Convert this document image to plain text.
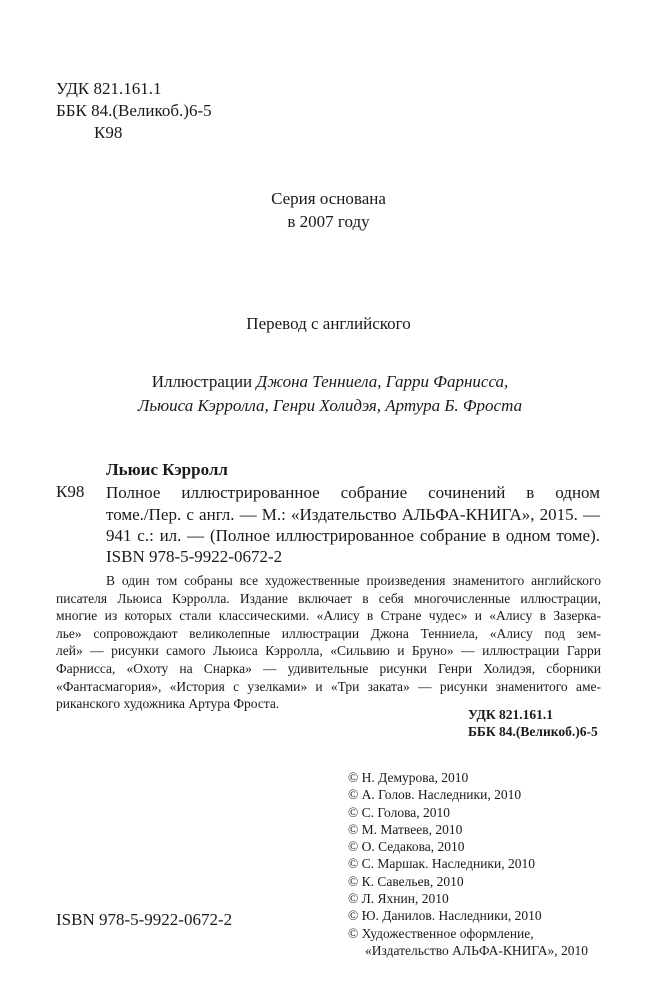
УДК 821.161.1
ББК 84.(Великоб.)6-5
К98
Серия основана
в 2007 году
Перевод с английского
Иллюстрации Джона Тенниела, Гарри Фарнисса,
Льюиса Кэрролла, Генри Холидэя, Артура Б. Фроста
Льюис Кэрролл
К98 Полное иллюстрированное собрание сочинений в одном
томе./Пер. с англ. — М.: «Издательство АЛЬФА-КНИГА», 2015. —
941 с.: ил. — (Полное иллюстрированное собрание в одном томе).
ISBN 978-5-9922-0672-2
В один том собраны все художественные произведения знаменитого английского
писателя Льюиса Кэрролла. Издание включает в себя многочисленные иллюстрации,
многие из которых стали классическими. «Алису в Стране чудес» и «Алису в Зазерка-
лье» сопровождают великолепные иллюстрации Джона Тенниела, «Алису под зем-
лей» — рисунки самого Льюиса Кэрролла, «Сильвию и Бруно» — иллюстрации Гарри
Фарнисса, «Охоту на Снарка» — удивительные рисунки Генри Холидэя, сборники
«Фантасмагория», «История с узелками» и «Три заката» — рисунки знаменитого аме-
риканского художника Артура Фроста.
УДК 821.161.1
ББК 84.(Великоб.)6-5
© Н. Демурова, 2010
© А. Голов. Наследники, 2010
© С. Голова, 2010
© М. Матвеев, 2010
© О. Седакова, 2010
© С. Маршак. Наследники, 2010
© К. Савельев, 2010
© Л. Яхнин, 2010
© Ю. Данилов. Наследники, 2010
© Художественное оформление,
«Издательство АЛЬФА-КНИГА», 2010
ISBN 978-5-9922-0672-2
